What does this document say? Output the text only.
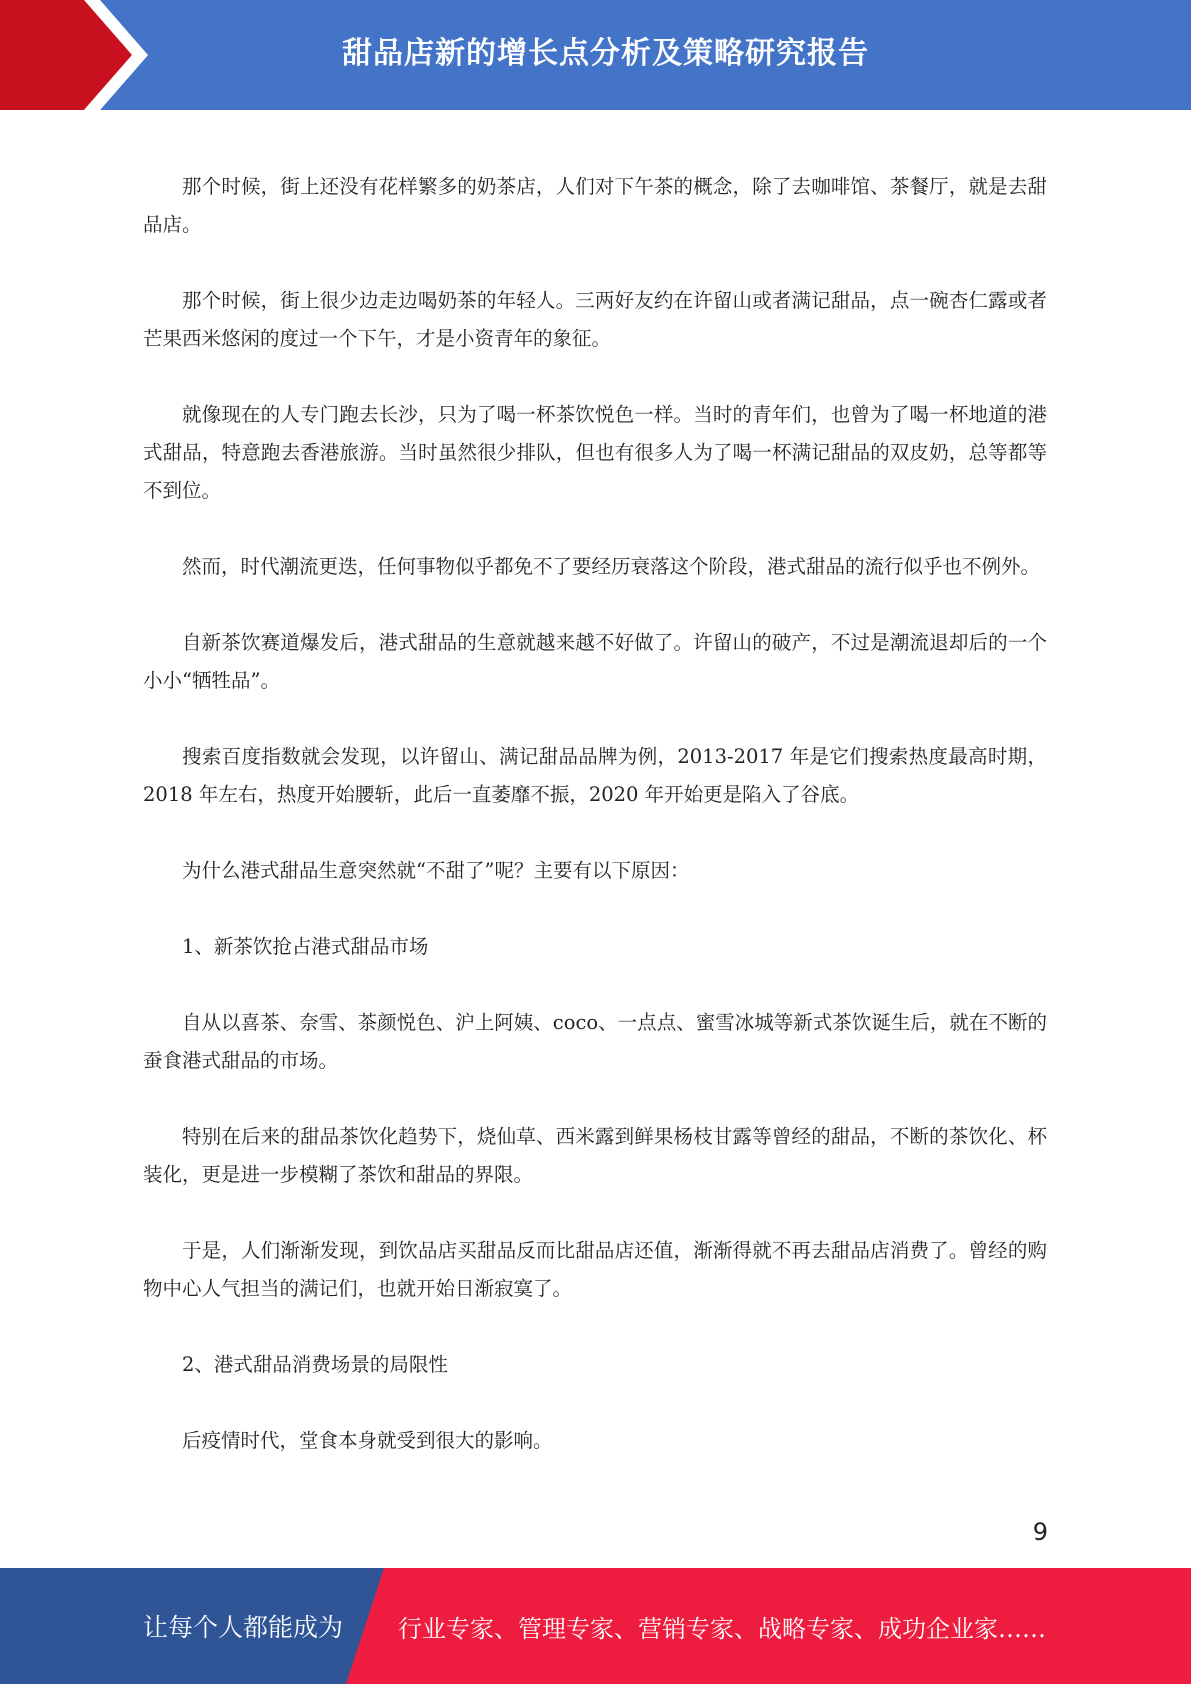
甜品店新的增长点分析及策略研究报告

那个时候，街上还没有花样繁多的奶茶店，人们对下午茶的概念，除了去咖啡馆、茶餐厅，就是去甜品店。

那个时候，街上很少边走边喝奶茶的年轻人。三两好友约在许留山或者满记甜品，点一碗杏仁露或者芒果西米悠闲的度过一个下午，才是小资青年的象征。

就像现在的人专门跑去长沙，只为了喝一杯茶饮悦色一样。当时的青年们，也曾为了喝一杯地道的港式甜品，特意跑去香港旅游。当时虽然很少排队，但也有很多人为了喝一杯满记甜品的双皮奶，总等都等不到位。

然而，时代潮流更迭，任何事物似乎都免不了要经历衰落这个阶段，港式甜品的流行似乎也不例外。

自新茶饮赛道爆发后，港式甜品的生意就越来越不好做了。许留山的破产，不过是潮流退却后的一个小小“牺牲品”。

搜索百度指数就会发现，以许留山、满记甜品品牌为例，2013-2017 年是它们搜索热度最高时期，2018 年左右，热度开始腰斩，此后一直萎靡不振，2020 年开始更是陷入了谷底。

为什么港式甜品生意突然就“不甜了”呢？主要有以下原因：

1、新茶饮抢占港式甜品市场

自从以喜茶、奈雪、茶颜悦色、沪上阿姨、coco、一点点、蜜雪冰城等新式茶饮诞生后，就在不断的蚕食港式甜品的市场。

特别在后来的甜品茶饮化趋势下，烧仙草、西米露到鲜果杨枝甘露等曾经的甜品，不断的茶饮化、杯装化，更是进一步模糊了茶饮和甜品的界限。

于是，人们渐渐发现，到饮品店买甜品反而比甜品店还值，渐渐得就不再去甜品店消费了。曾经的购物中心人气担当的满记们，也就开始日渐寂寞了。

2、港式甜品消费场景的局限性

后疫情时代，堂食本身就受到很大的影响。

9
让每个人都能成为 行业专家、管理专家、营销专家、战略专家、成功企业家……
